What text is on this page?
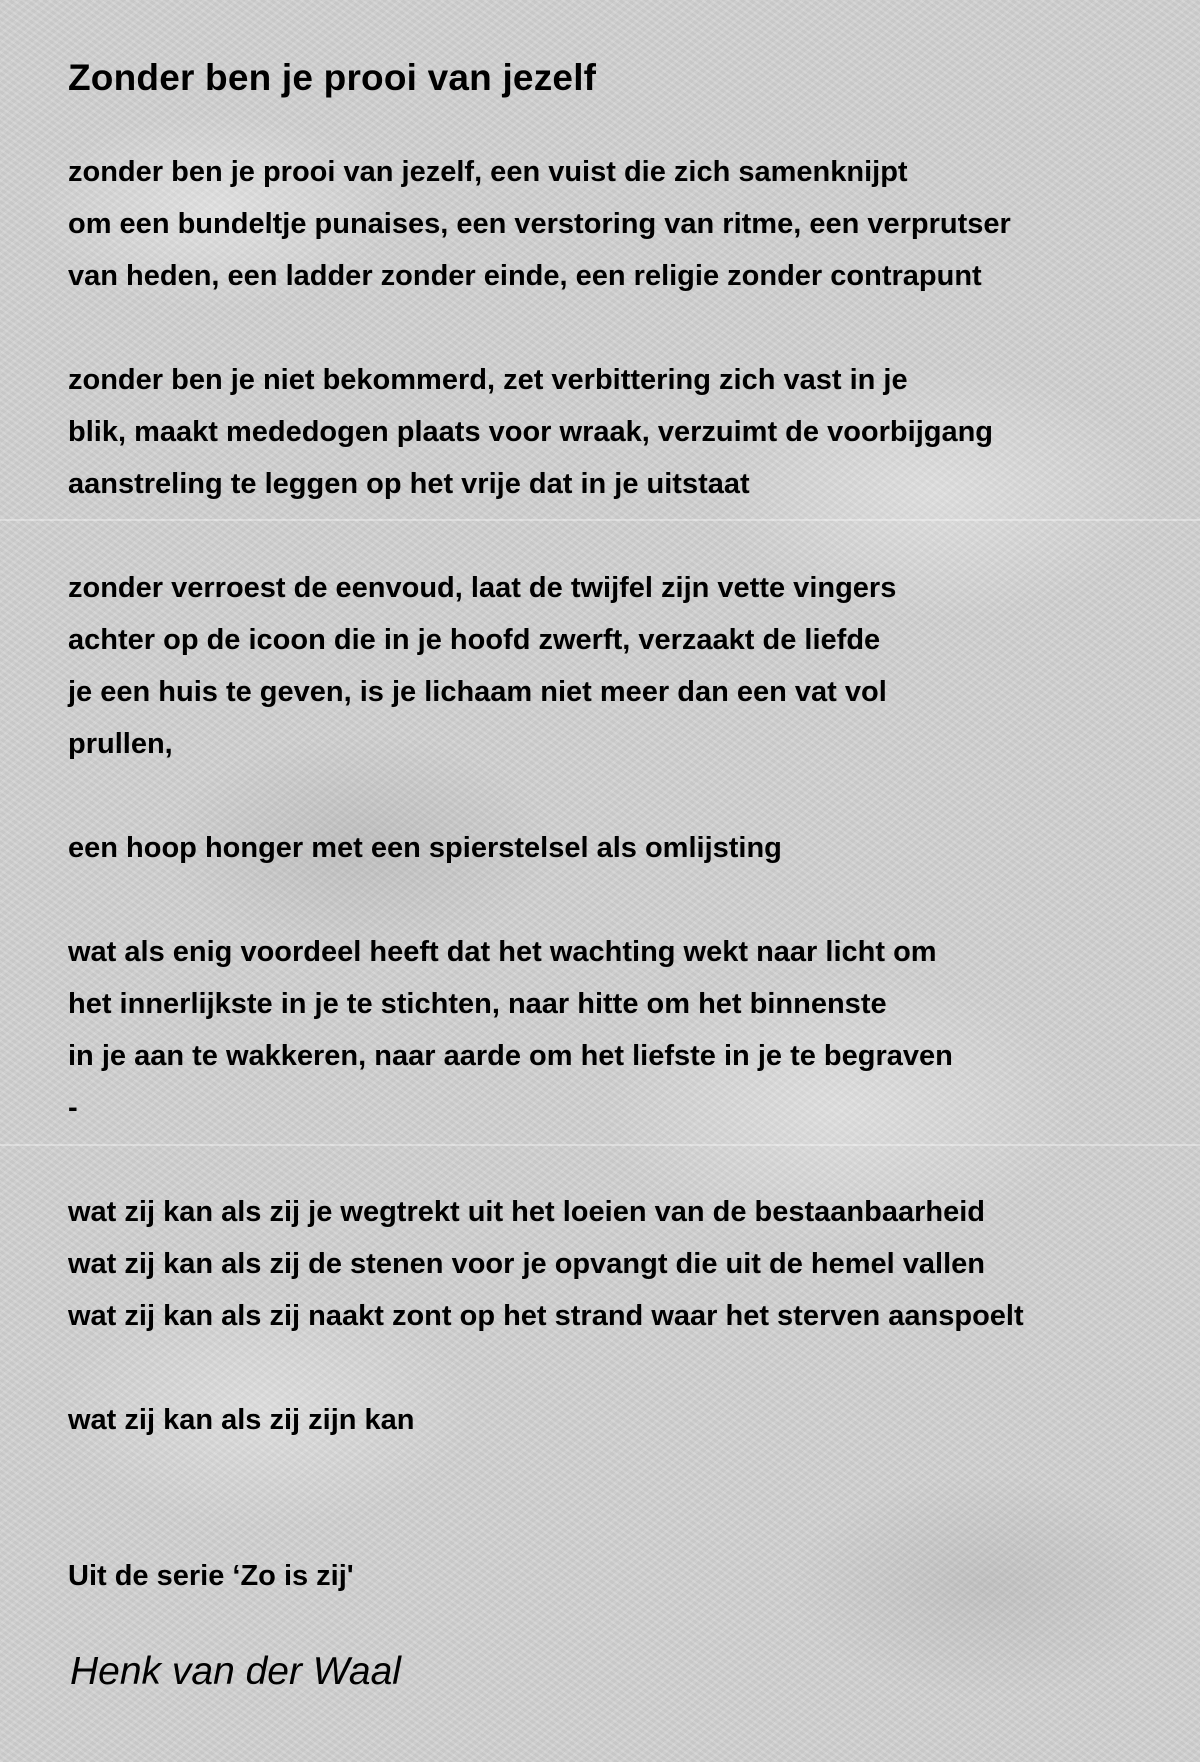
Zonder ben je prooi van jezelf
zonder ben je prooi van jezelf, een vuist die zich samenknijpt
om een bundeltje punaises, een verstoring van ritme, een verprutser
van heden, een ladder zonder einde, een religie zonder contrapunt
zonder ben je niet bekommerd, zet verbittering zich vast in je
blik, maakt mededogen plaats voor wraak, verzuimt de voorbijgang
aanstreling te leggen op het vrije dat in je uitstaat
zonder verroest de eenvoud, laat de twijfel zijn vette vingers
achter op de icoon die in je hoofd zwerft, verzaakt de liefde
je een huis te geven, is je lichaam niet meer dan een vat vol
prullen,
een hoop honger met een spierstelsel als omlijsting
wat als enig voordeel heeft dat het wachting wekt naar licht om
het innerlijkste in je te stichten, naar hitte om het binnenste
in je aan te wakkeren, naar aarde om het liefste in je te begraven
-
wat zij kan als zij je wegtrekt uit het loeien van de bestaanbaarheid
wat zij kan als zij de stenen voor je opvangt die uit de hemel vallen
wat zij kan als zij naakt zont op het strand waar het sterven aanspoelt
wat zij kan als zij zijn kan
Uit de serie ‘Zo is zij'
Henk van der Waal
